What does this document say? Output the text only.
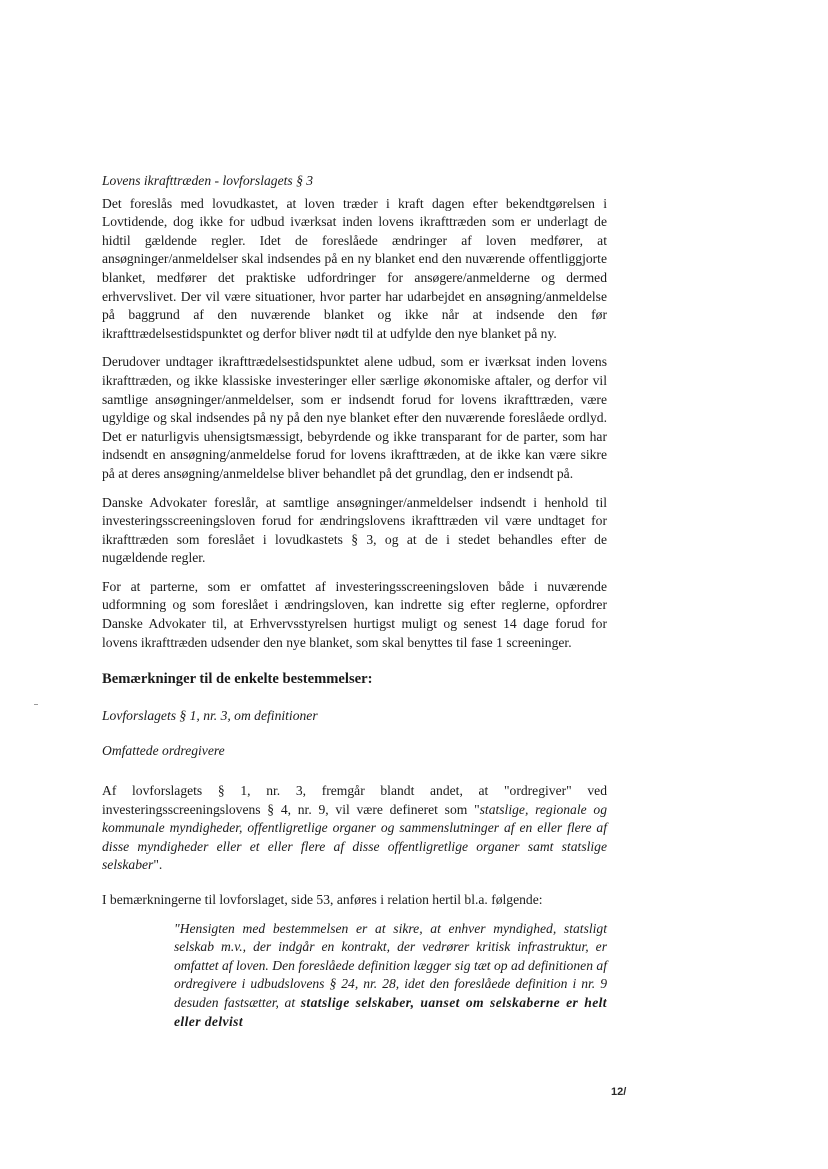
Lovens ikrafttræden - lovforslagets § 3

Det foreslås med lovudkastet, at loven træder i kraft dagen efter bekendtgørelsen i Lovtidende, dog ikke for udbud iværksat inden lovens ikrafttræden som er underlagt de hidtil gældende regler. Idet de foreslåede ændringer af loven medfører, at ansøgninger/anmeldelser skal indsendes på en ny blanket end den nuværende offentliggjorte blanket, medfører det praktiske udfordringer for ansøgere/anmelderne og dermed erhvervslivet. Der vil være situationer, hvor parter har udarbejdet en ansøgning/anmeldelse på baggrund af den nuværende blanket og ikke når at indsende den før ikrafttrædelsestidspunktet og derfor bliver nødt til at udfylde den nye blanket på ny.

Derudover undtager ikrafttrædelsestidspunktet alene udbud, som er iværksat inden lovens ikrafttræden, og ikke klassiske investeringer eller særlige økonomiske aftaler, og derfor vil samtlige ansøgninger/anmeldelser, som er indsendt forud for lovens ikrafttræden, være ugyldige og skal indsendes på ny på den nye blanket efter den nuværende foreslåede ordlyd. Det er naturligvis uhensigtsmæssigt, bebyrdende og ikke transparant for de parter, som har indsendt en ansøgning/anmeldelse forud for lovens ikrafttræden, at de ikke kan være sikre på at deres ansøgning/anmeldelse bliver behandlet på det grundlag, den er indsendt på.

Danske Advokater foreslår, at samtlige ansøgninger/anmeldelser indsendt i henhold til investeringsscreeningsloven forud for ændringslovens ikrafttræden vil være undtaget for ikrafttræden som foreslået i lovudkastets § 3, og at de i stedet behandles efter de nugældende regler.

For at parterne, som er omfattet af investeringsscreeningsloven både i nuværende udformning og som foreslået i ændringsloven, kan indrette sig efter reglerne, opfordrer Danske Advokater til, at Erhvervsstyrelsen hurtigst muligt og senest 14 dage forud for lovens ikrafttræden udsender den nye blanket, som skal benyttes til fase 1 screeninger.

Bemærkninger til de enkelte bestemmelser:
Lovforslagets § 1, nr. 3, om definitioner
Omfattede ordregivere

Af lovforslagets § 1, nr. 3, fremgår blandt andet, at "ordregiver" ved investeringsscreeningslovens § 4, nr. 9, vil være defineret som "statslige, regionale og kommunale myndigheder, offentligretlige organer og sammenslutninger af en eller flere af disse myndigheder eller et eller flere af disse offentligretlige organer samt statslige selskaber".

I bemærkningerne til lovforslaget, side 53, anføres i relation hertil bl.a. følgende:

"Hensigten med bestemmelsen er at sikre, at enhver myndighed, statsligt selskab m.v., der indgår en kontrakt, der vedrører kritisk infrastruktur, er omfattet af loven. Den foreslåede definition lægger sig tæt op ad definitionen af ordregivere i udbudslovens § 24, nr. 28, idet den foreslåede definition i nr. 9 desuden fastsætter, at statslige selskaber, uanset om selskaberne er helt eller delvist
12/
